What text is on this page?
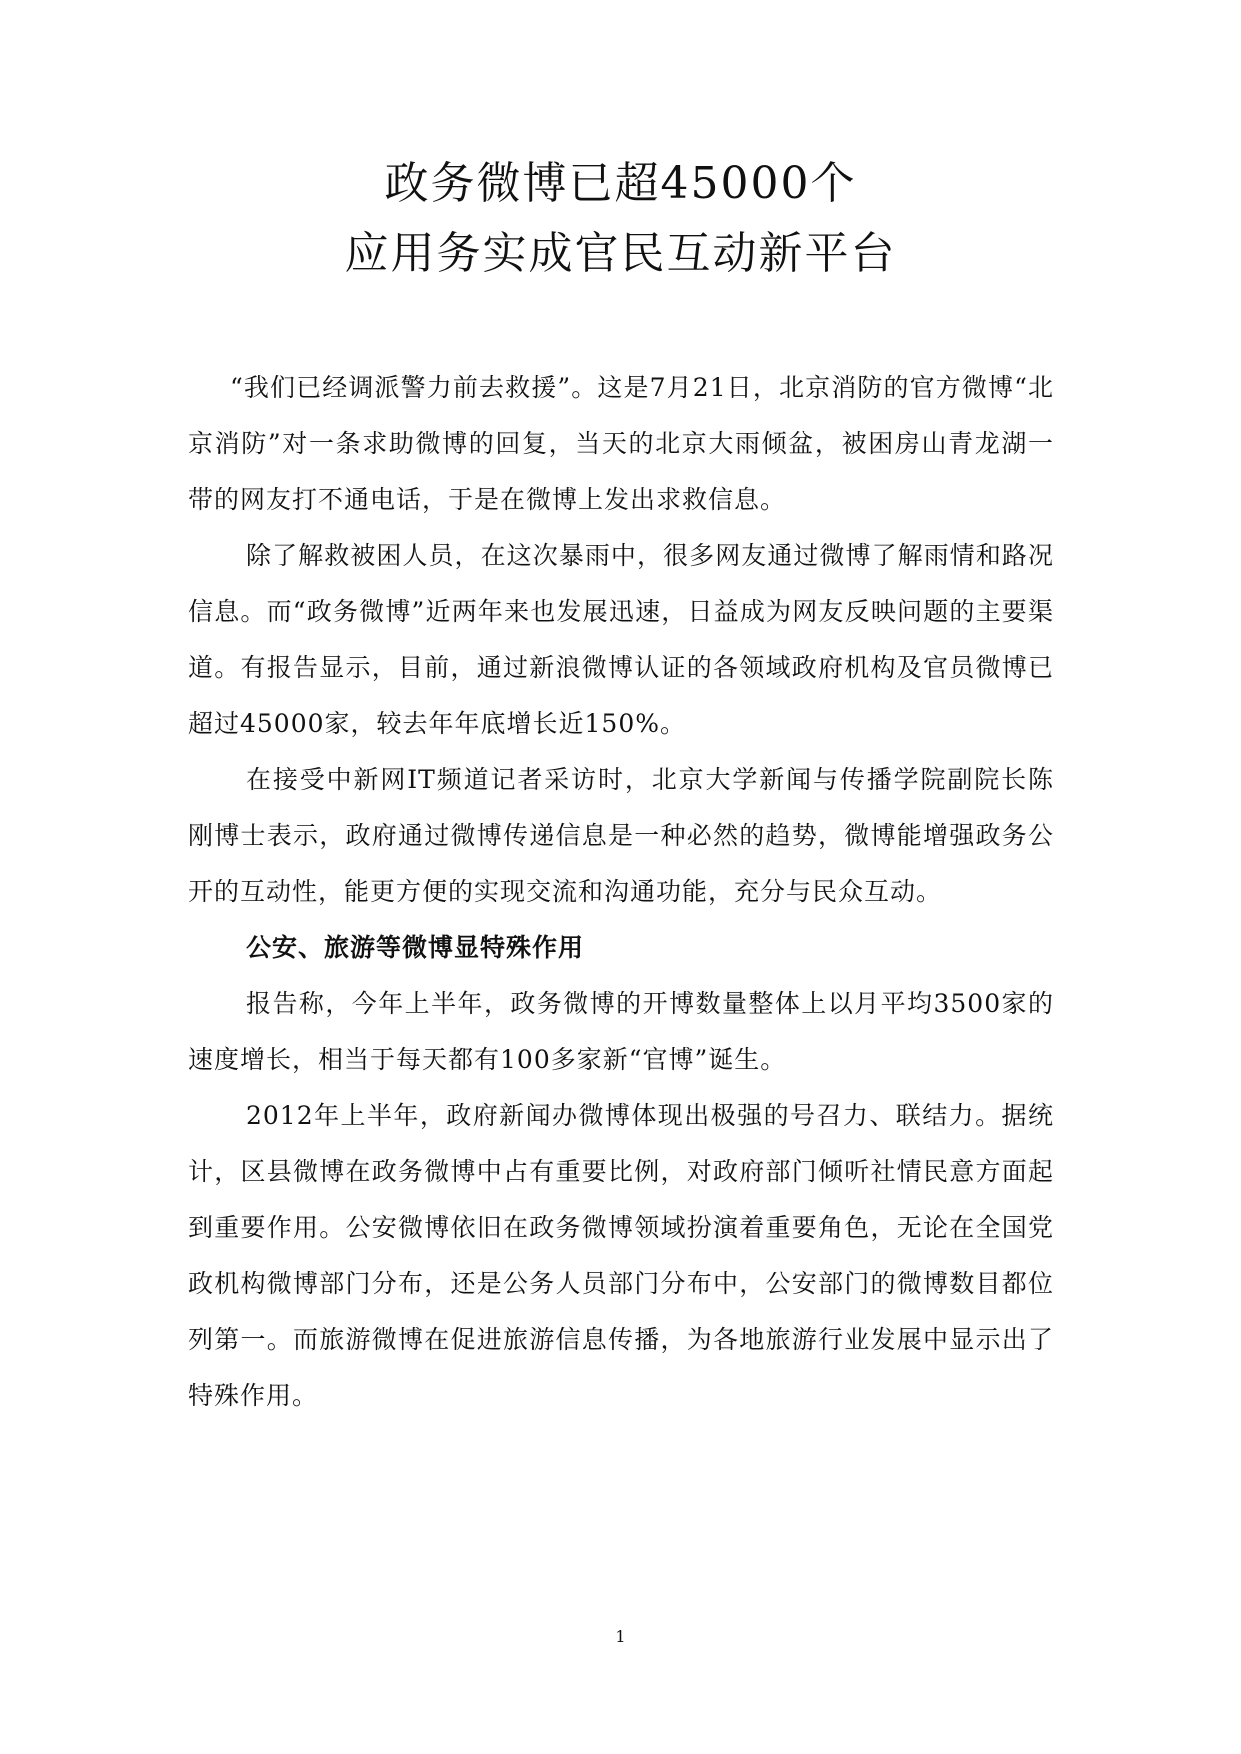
政务微博已超45000个
应用务实成官民互动新平台

“我们已经调派警力前去救援”。这是7月21日，北京消防的官方微博“北京消防”对一条求助微博的回复，当天的北京大雨倾盆，被困房山青龙湖一带的网友打不通电话，于是在微博上发出求救信息。

除了解救被困人员，在这次暴雨中，很多网友通过微博了解雨情和路况信息。而“政务微博”近两年来也发展迅速，日益成为网友反映问题的主要渠道。有报告显示，目前，通过新浪微博认证的各领域政府机构及官员微博已超过45000家，较去年年底增长近150%。

在接受中新网IT频道记者采访时，北京大学新闻与传播学院副院长陈刚博士表示，政府通过微博传递信息是一种必然的趋势，微博能增强政务公开的互动性，能更方便的实现交流和沟通功能，充分与民众互动。

公安、旅游等微博显特殊作用

报告称，今年上半年，政务微博的开博数量整体上以月平均3500家的速度增长，相当于每天都有100多家新“官博”诞生。

2012年上半年，政府新闻办微博体现出极强的号召力、联结力。据统计，区县微博在政务微博中占有重要比例，对政府部门倾听社情民意方面起到重要作用。公安微博依旧在政务微博领域扮演着重要角色，无论在全国党政机构微博部门分布，还是公务人员部门分布中，公安部门的微博数目都位列第一。而旅游微博在促进旅游信息传播，为各地旅游行业发展中显示出了特殊作用。

1
